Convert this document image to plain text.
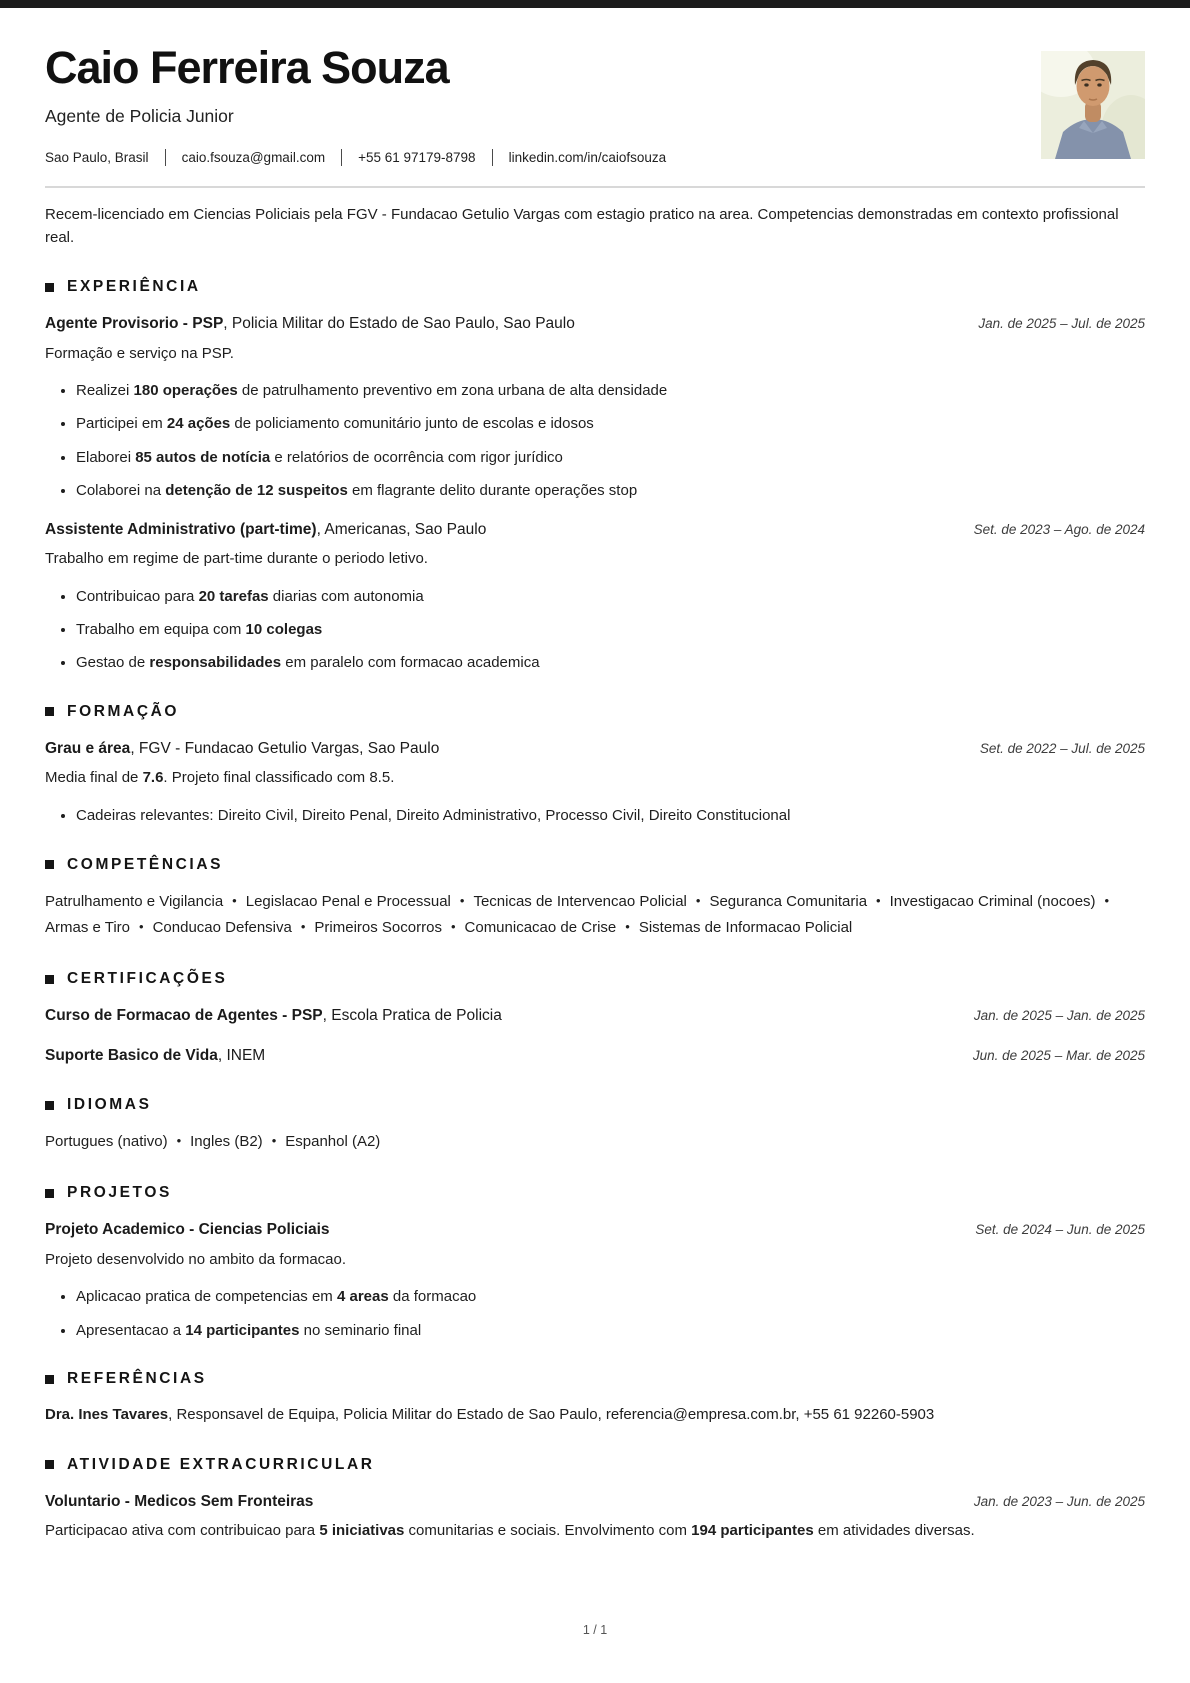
Caio Ferreira Souza
Agente de Policia Junior
Sao Paulo, Brasil caio.fsouza@gmail.com +55 61 97179-8798 linkedin.com/in/caiofsouza

Recem-licenciado em Ciencias Policiais pela FGV - Fundacao Getulio Vargas com estagio pratico na area. Competencias demonstradas em contexto profissional real.

EXPERIÊNCIA
Agente Provisorio - PSP, Policia Militar do Estado de Sao Paulo, Sao Paulo	Jan. de 2025 – Jul. de 2025
Formação e serviço na PSP.
• Realizei 180 operações de patrulhamento preventivo em zona urbana de alta densidade
• Participei em 24 ações de policiamento comunitário junto de escolas e idosos
• Elaborei 85 autos de notícia e relatórios de ocorrência com rigor jurídico
• Colaborei na detenção de 12 suspeitos em flagrante delito durante operações stop
Assistente Administrativo (part-time), Americanas, Sao Paulo	Set. de 2023 – Ago. de 2024
Trabalho em regime de part-time durante o periodo letivo.
• Contribuicao para 20 tarefas diarias com autonomia
• Trabalho em equipa com 10 colegas
• Gestao de responsabilidades em paralelo com formacao academica
FORMAÇÃO
Grau e área, FGV - Fundacao Getulio Vargas, Sao Paulo	Set. de 2022 – Jul. de 2025
Media final de 7.6. Projeto final classificado com 8.5.
• Cadeiras relevantes: Direito Civil, Direito Penal, Direito Administrativo, Processo Civil, Direito Constitucional
COMPETÊNCIAS

Patrulhamento e Vigilancia • Legislacao Penal e Processual • Tecnicas de Intervencao Policial • Seguranca Comunitaria • Investigacao Criminal (nocoes) •Armas e Tiro • Conducao Defensiva • Primeiros Socorros • Comunicacao de Crise • Sistemas de Informacao Policial

CERTIFICAÇÕES
Curso de Formacao de Agentes - PSP, Escola Pratica de Policia	Jan. de 2025 – Jan. de 2025
Suporte Basico de Vida, INEM	Jun. de 2025 – Mar. de 2025
IDIOMAS

Portugues (nativo) • Ingles (B2) • Espanhol (A2)

PROJETOS
Projeto Academico - Ciencias Policiais	Set. de 2024 – Jun. de 2025
Projeto desenvolvido no ambito da formacao.
• Aplicacao pratica de competencias em 4 areas da formacao
• Apresentacao a 14 participantes no seminario final
REFERÊNCIAS

Dra. Ines Tavares, Responsavel de Equipa, Policia Militar do Estado de Sao Paulo, referencia@empresa.com.br, +55 61 92260-5903

ATIVIDADE EXTRACURRICULAR
Voluntario - Medicos Sem Fronteiras	Jan. de 2023 – Jun. de 2025
Participacao ativa com contribuicao para 5 iniciativas comunitarias e sociais. Envolvimento com 194 participantes em atividades diversas.
1 / 1
